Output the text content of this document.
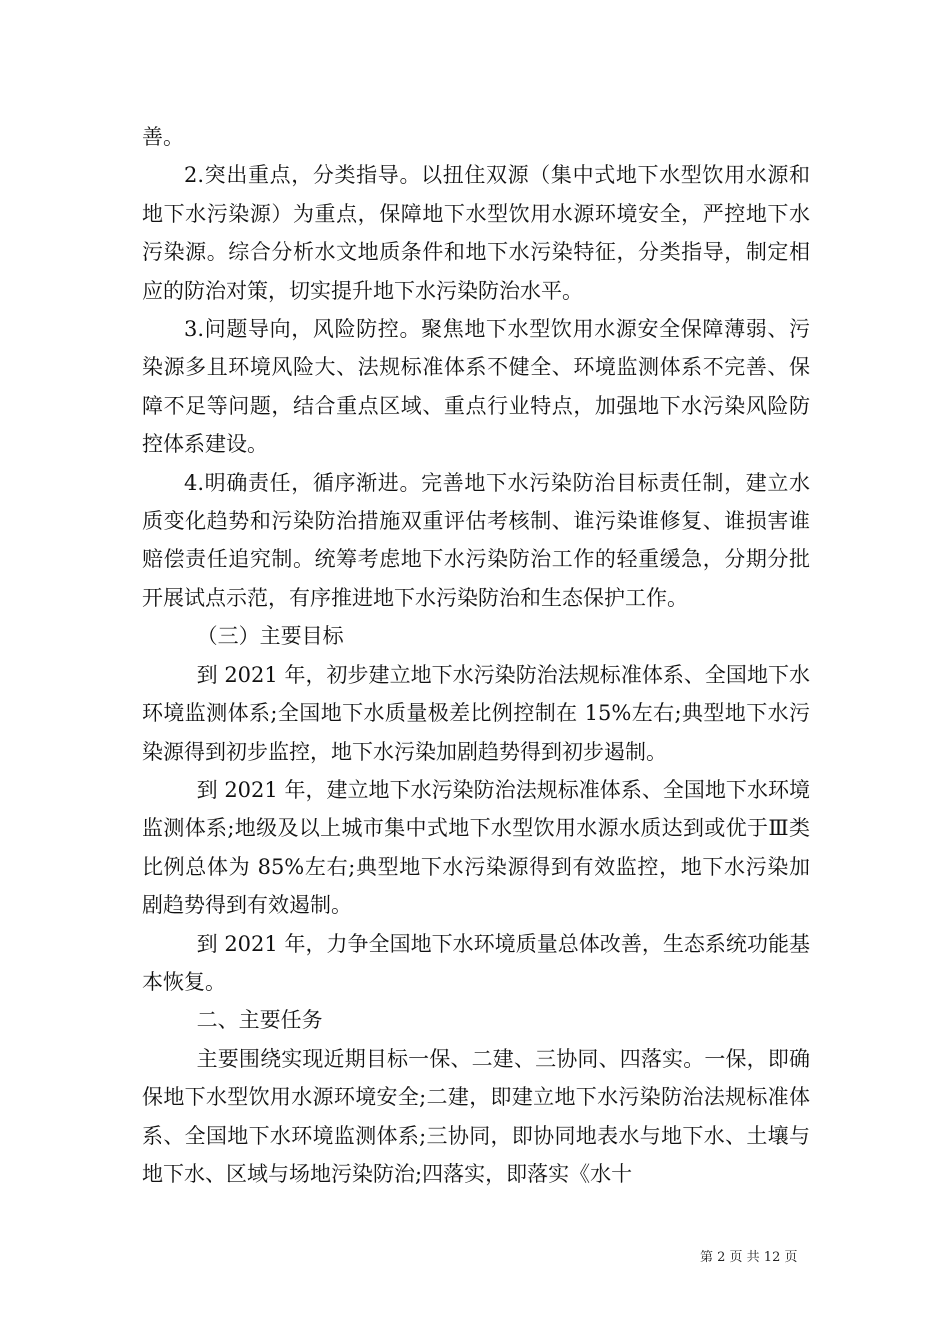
善。

2.突出重点，分类指导。以扭住双源（集中式地下水型饮用水源和地下水污染源）为重点，保障地下水型饮用水源环境安全，严控地下水污染源。综合分析水文地质条件和地下水污染特征，分类指导，制定相应的防治对策，切实提升地下水污染防治水平。

3.问题导向，风险防控。聚焦地下水型饮用水源安全保障薄弱、污染源多且环境风险大、法规标准体系不健全、环境监测体系不完善、保障不足等问题，结合重点区域、重点行业特点，加强地下水污染风险防控体系建设。

4.明确责任，循序渐进。完善地下水污染防治目标责任制，建立水质变化趋势和污染防治措施双重评估考核制、谁污染谁修复、谁损害谁赔偿责任追究制。统筹考虑地下水污染防治工作的轻重缓急，分期分批开展试点示范，有序推进地下水污染防治和生态保护工作。

（三）主要目标

到 2021 年，初步建立地下水污染防治法规标准体系、全国地下水环境监测体系;全国地下水质量极差比例控制在 15%左右;典型地下水污染源得到初步监控，地下水污染加剧趋势得到初步遏制。

到 2021 年，建立地下水污染防治法规标准体系、全国地下水环境监测体系;地级及以上城市集中式地下水型饮用水源水质达到或优于Ⅲ类比例总体为 85%左右;典型地下水污染源得到有效监控，地下水污染加剧趋势得到有效遏制。

到 2021 年，力争全国地下水环境质量总体改善，生态系统功能基本恢复。

二、主要任务

主要围绕实现近期目标一保、二建、三协同、四落实。一保，即确保地下水型饮用水源环境安全;二建，即建立地下水污染防治法规标准体系、全国地下水环境监测体系;三协同，即协同地表水与地下水、土壤与地下水、区域与场地污染防治;四落实，即落实《水十

第 2 页 共 12 页
